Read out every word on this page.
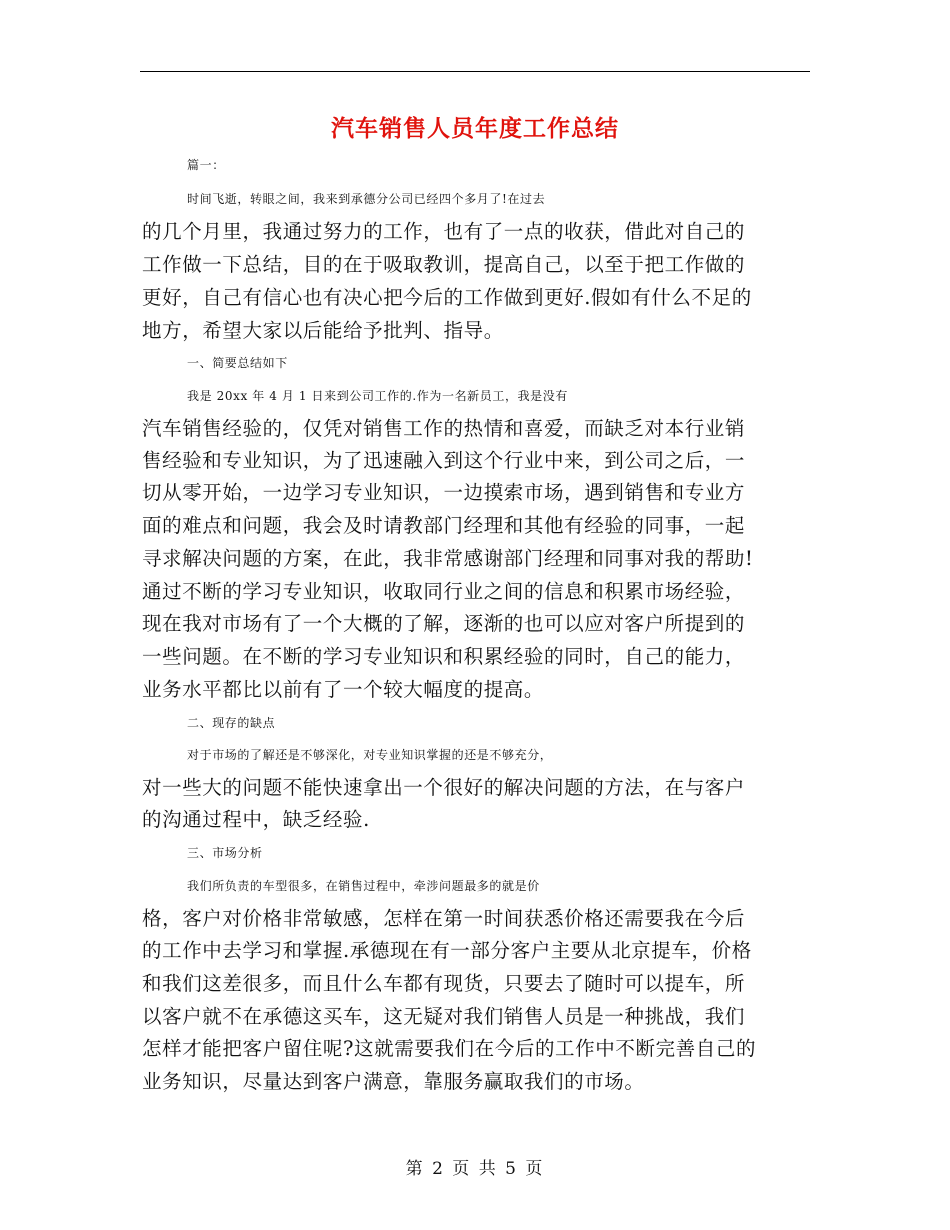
汽车销售人员年度工作总结
篇一：
时间飞逝，转眼之间，我来到承德分公司已经四个多月了!在过去
的几个月里，我通过努力的工作，也有了一点的收获，借此对自己的
工作做一下总结，目的在于吸取教训，提高自己，以至于把工作做的
更好，自己有信心也有决心把今后的工作做到更好.假如有什么不足的
地方，希望大家以后能给予批判、指导。
一、简要总结如下
我是 20xx 年 4 月 1 日来到公司工作的.作为一名新员工，我是没有
汽车销售经验的，仅凭对销售工作的热情和喜爱，而缺乏对本行业销
售经验和专业知识，为了迅速融入到这个行业中来，到公司之后，一
切从零开始，一边学习专业知识，一边摸索市场，遇到销售和专业方
面的难点和问题，我会及时请教部门经理和其他有经验的同事，一起
寻求解决问题的方案，在此，我非常感谢部门经理和同事对我的帮助!
通过不断的学习专业知识，收取同行业之间的信息和积累市场经验，
现在我对市场有了一个大概的了解，逐渐的也可以应对客户所提到的
一些问题。在不断的学习专业知识和积累经验的同时，自己的能力，
业务水平都比以前有了一个较大幅度的提高。
二、现存的缺点
对于市场的了解还是不够深化，对专业知识掌握的还是不够充分，
对一些大的问题不能快速拿出一个很好的解决问题的方法，在与客户
的沟通过程中，缺乏经验.
三、市场分析
我们所负责的车型很多，在销售过程中，牵涉问题最多的就是价
格，客户对价格非常敏感，怎样在第一时间获悉价格还需要我在今后
的工作中去学习和掌握.承德现在有一部分客户主要从北京提车，价格
和我们这差很多，而且什么车都有现货，只要去了随时可以提车，所
以客户就不在承德这买车，这无疑对我们销售人员是一种挑战，我们
怎样才能把客户留住呢?这就需要我们在今后的工作中不断完善自己的
业务知识，尽量达到客户满意，靠服务赢取我们的市场。
第 2 页 共 5 页
